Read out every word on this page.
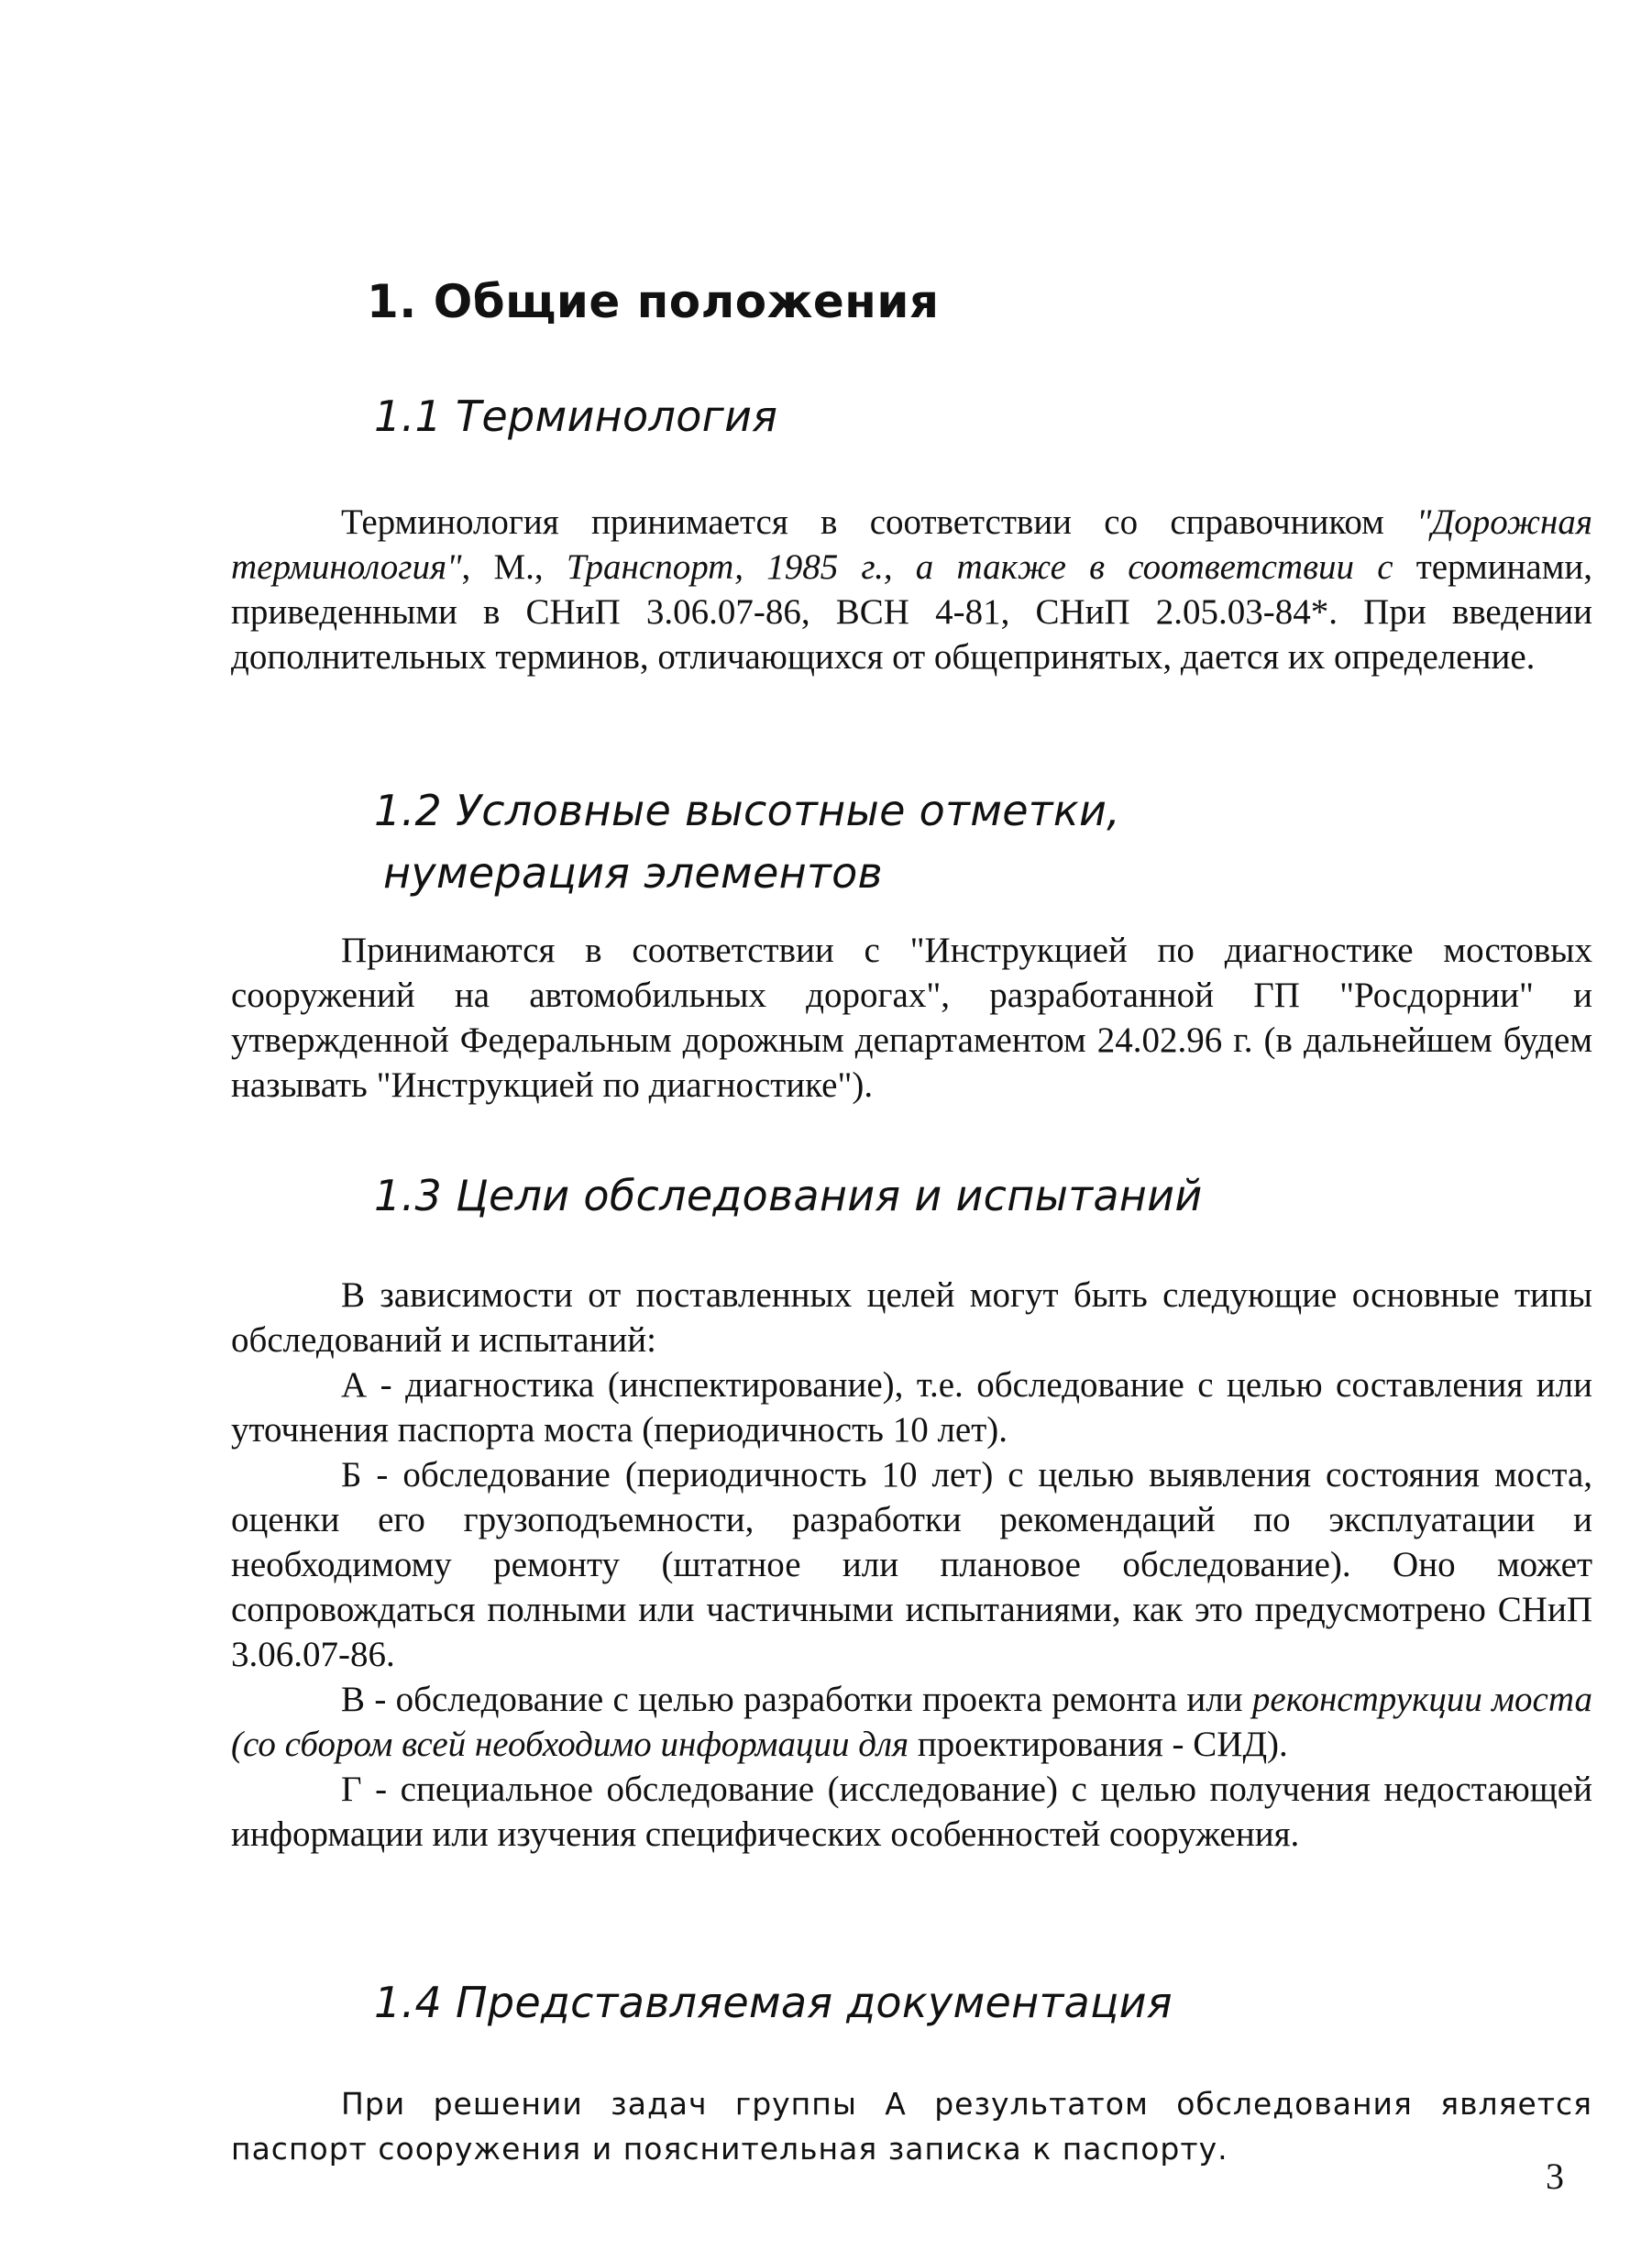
1. Общие положения
1.1 Терминология

Терминология принимается в соответствии со справочником "Дорожная терминология", М., Транспорт, 1985 г., а также в соответствии с терминами, приведенными в СНиП 3.06.07-86, ВСН 4-81, СНиП 2.05.03-84*. При введении дополнительных терминов, отличающихся от общепринятых, дается их определение.

1.2 Условные высотные отметки,
нумерация элементов

Принимаются в соответствии с "Инструкцией по диагностике мостовых сооружений на автомобильных дорогах", разработанной ГП "Росдорнии" и утвержденной Федеральным дорожным департаментом 24.02.96 г. (в дальнейшем будем называть "Инструкцией по диагностике").

1.3 Цели обследования и испытаний

В зависимости от поставленных целей могут быть следующие основные типы обследований и испытаний:

А - диагностика (инспектирование), т.е. обследование с целью составления или уточнения паспорта моста (периодичность 10 лет).

Б - обследование (периодичность 10 лет) с целью выявления состояния моста, оценки его грузоподъемности, разработки рекомендаций по эксплуатации и необходимому ремонту (штатное или плановое обследование). Оно может сопровождаться полными или частичными испытаниями, как это предусмотрено СНиП 3.06.07-86.

В - обследование с целью разработки проекта ремонта или реконструкции моста (со сбором всей необходимо информации для проектирования - СИД).

Г - специальное обследование (исследование) с целью получения недостающей информации или изучения специфических особенностей сооружения.

1.4 Представляемая документация

При решении задач группы А результатом обследования является паспорт сооружения и пояснительная записка к паспорту.

3
